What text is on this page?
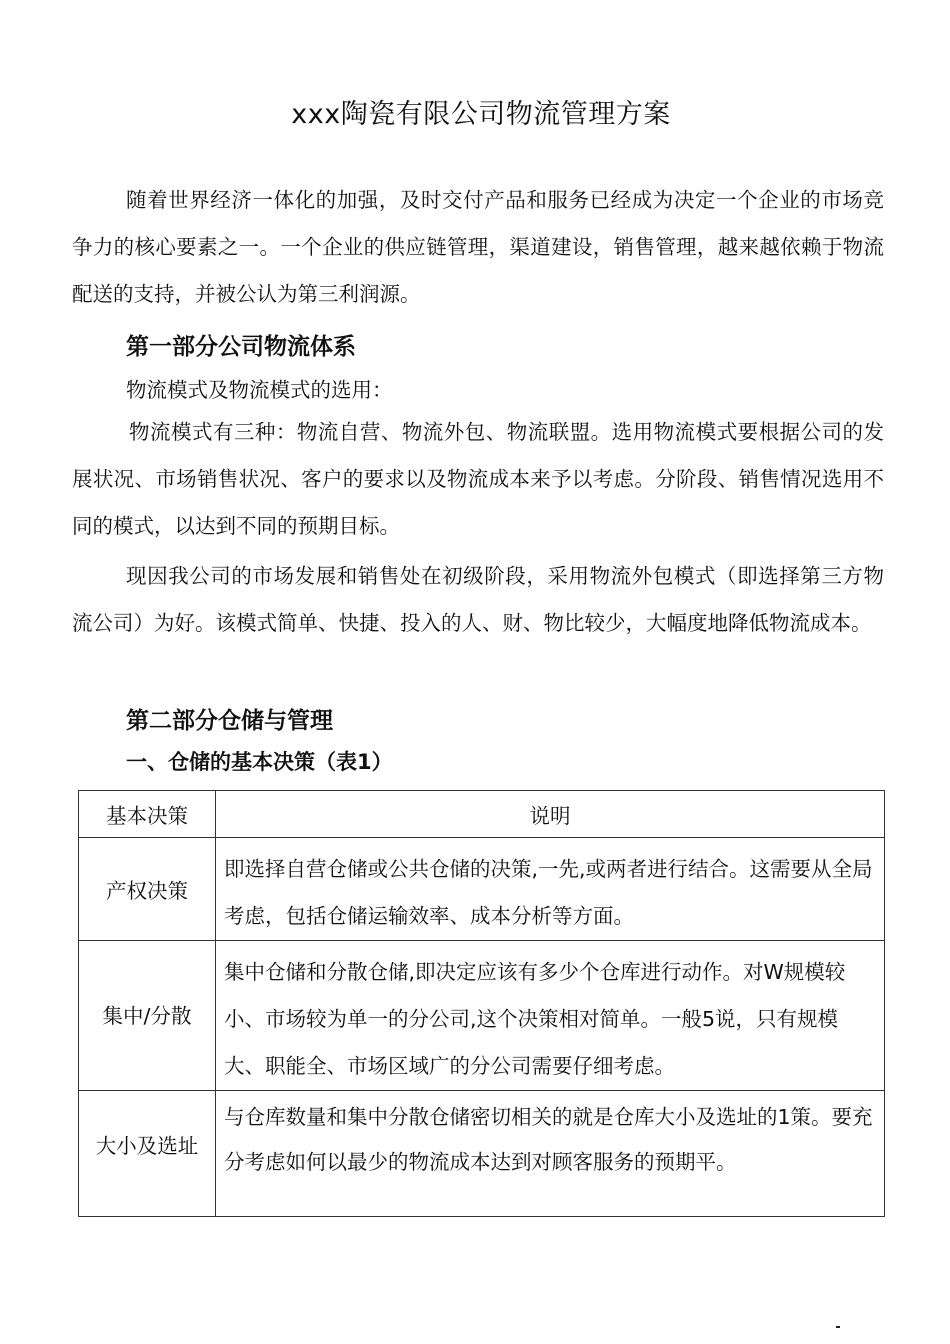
xxx陶瓷有限公司物流管理方案

随着世界经济一体化的加强，及时交付产品和服务已经成为决定一个企业的市场竞争力的核心要素之一。一个企业的供应链管理，渠道建设，销售管理，越来越依赖于物流配送的支持，并被公认为第三利润源。

第一部分公司物流体系

物流模式及物流模式的选用：

物流模式有三种：物流自营、物流外包、物流联盟。选用物流模式要根据公司的发展状况、市场销售状况、客户的要求以及物流成本来予以考虑。分阶段、销售情况选用不同的模式，以达到不同的预期目标。

现因我公司的市场发展和销售处在初级阶段，采用物流外包模式（即选择第三方物流公司）为好。该模式简单、快捷、投入的人、财、物比较少，大幅度地降低物流成本。

第二部分仓储与管理
一、仓储的基本决策（表1）
基本决策	说明
产权决策	即选择自营仓储或公共仓储的决策,一先,或两者进行结合。这需要从全局考虑，包括仓储运输效率、成本分析等方面。

集中/分散	集中仓储和分散仓储,即决定应该有多少个仓库进行动作。对W规模较小、市场较为单一的分公司,这个决策相对简单。一般5说，只有规模大、职能全、市场区域广的分公司需要仔细考虑。

大小及选址	与仓库数量和集中分散仓储密切相关的就是仓库大小及选址的1策。要充分考虑如何以最少的物流成本达到对顾客服务的预期平。
